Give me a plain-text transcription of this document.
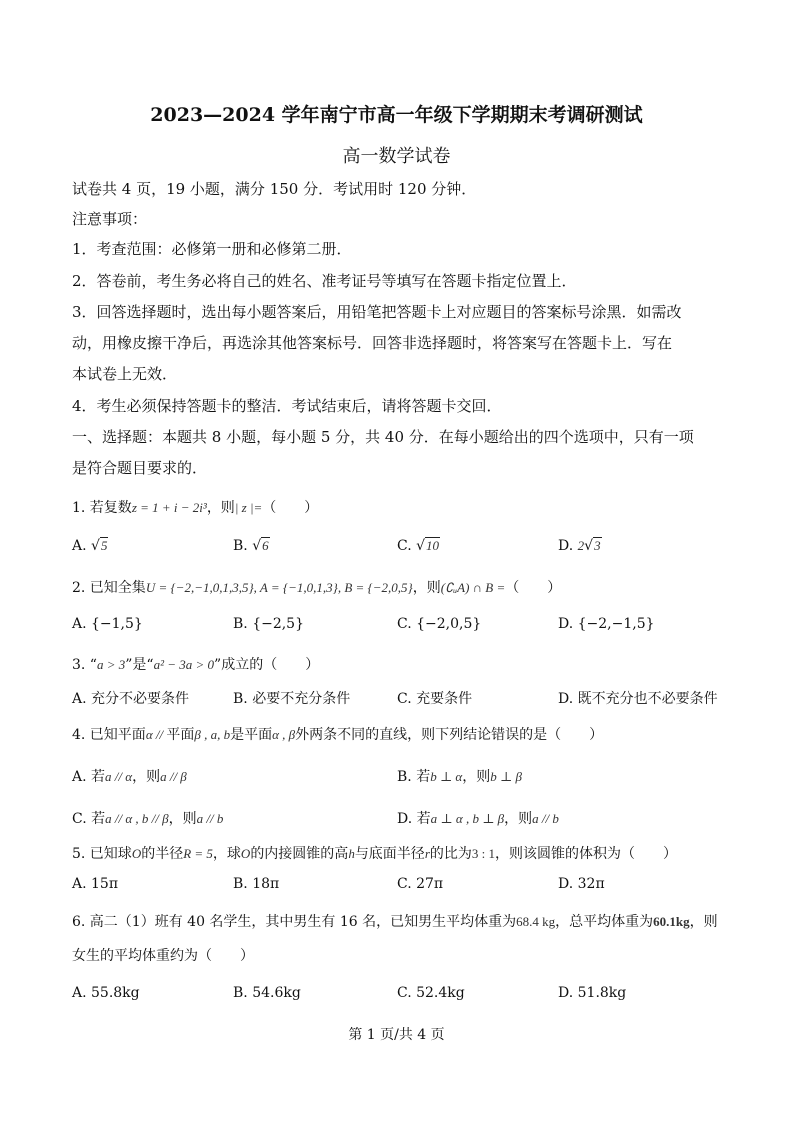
2023—2024 学年南宁市高一年级下学期期末考调研测试
高一数学试卷
试卷共 4 页，19 小题，满分 150 分．考试用时 120 分钟．
注意事项：
1．考查范围：必修第一册和必修第二册．
2．答卷前，考生务必将自己的姓名、准考证号等填写在答题卡指定位置上．
3．回答选择题时，选出每小题答案后，用铅笔把答题卡上对应题目的答案标号涂黑．如需改
动，用橡皮擦干净后，再选涂其他答案标号．回答非选择题时，将答案写在答题卡上．写在
本试卷上无效．
4．考生必须保持答题卡的整洁．考试结束后，请将答题卡交回．
一、选择题：本题共 8 小题，每小题 5 分，共 40 分．在每小题给出的四个选项中，只有一项
是符合题目要求的．
1. 若复数z = 1 + i − 2i³，则| z |=（　　）
A. √5	B. √6	C. √10	D. 2√3
2. 已知全集U = {−2,−1,0,1,3,5}, A = {−1,0,1,3}, B = {−2,0,5}，则(∁ᵤA) ∩ B =（　　）
A. {−1,5}	B. {−2,5}	C. {−2,0,5}	D. {−2,−1,5}
3. “a > 3”是“a² − 3a > 0”成立的（　　）
A. 充分不必要条件	B. 必要不充分条件	C. 充要条件	D. 既不充分也不必要条件
4. 已知平面α // 平面β , a, b是平面α , β外两条不同的直线，则下列结论错误的是（　　）
A. 若a // α，则a // β	B. 若b ⊥ α，则b ⊥ β
C. 若a // α , b // β，则a // b	D. 若a ⊥ α , b ⊥ β，则a // b
5. 已知球O的半径R = 5，球O的内接圆锥的高h与底面半径r的比为3 : 1，则该圆锥的体积为（　　）
A. 15π	B. 18π	C. 27π	D. 32π
6. 高二（1）班有 40 名学生，其中男生有 16 名，已知男生平均体重为68.4 kg，总平均体重为60.1kg，则
女生的平均体重约为（　　）
A. 55.8kg	B. 54.6kg	C. 52.4kg	D. 51.8kg
第 1 页/共 4 页
